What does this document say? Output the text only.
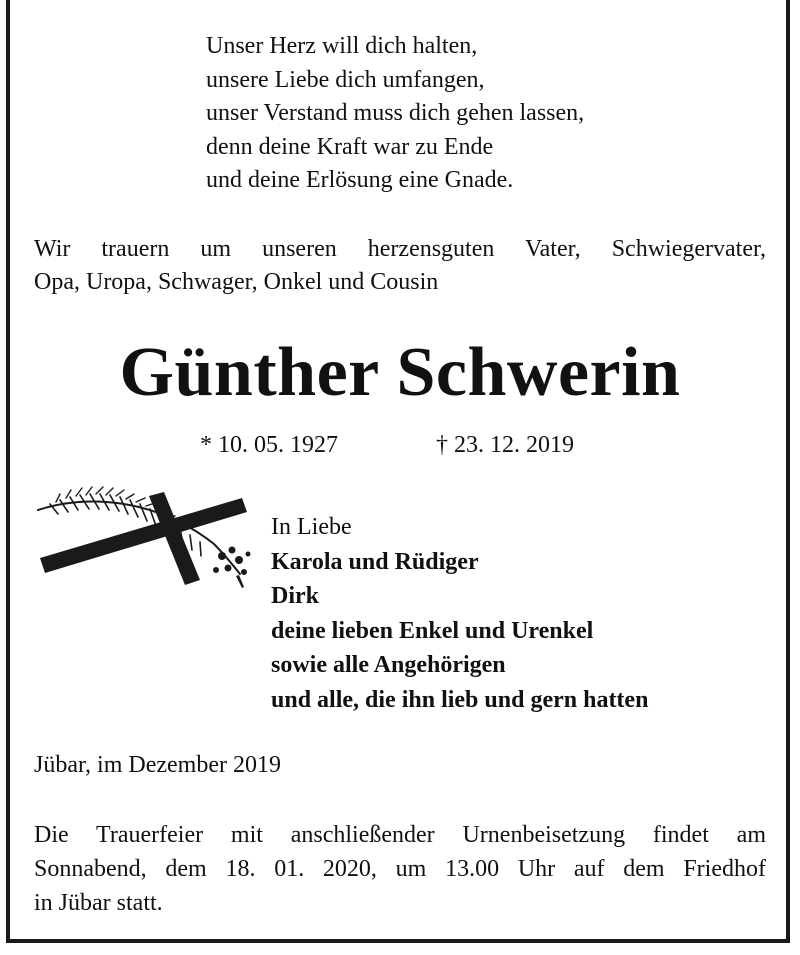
Unser Herz will dich halten,
unsere Liebe dich umfangen,
unser Verstand muss dich gehen lassen,
denn deine Kraft war zu Ende
und deine Erlösung eine Gnade.
Wir trauern um unseren herzensguten Vater, Schwiegervater,
Opa, Uropa, Schwager, Onkel und Cousin
Günther Schwerin
* 10. 05. 1927	† 23. 12. 2019
In Liebe
Karola und Rüdiger
Dirk
deine lieben Enkel und Urenkel
sowie alle Angehörigen
und alle, die ihn lieb und gern hatten
Jübar, im Dezember 2019
Die Trauerfeier mit anschließender Urnenbeisetzung findet am
Sonnabend, dem 18. 01. 2020, um 13.00 Uhr auf dem Friedhof
in Jübar statt.
